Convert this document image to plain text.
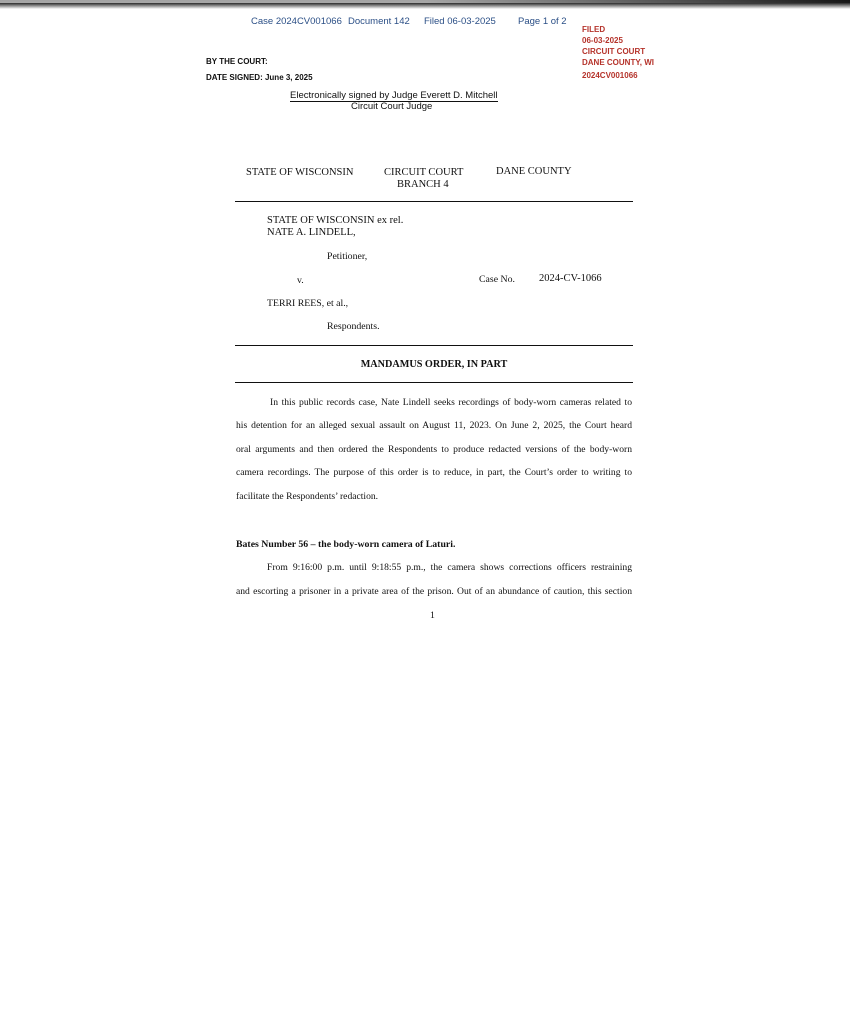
Case 2024CV001066 Document 142 Filed 06-03-2025 Page 1 of 2
FILED
06-03-2025
CIRCUIT COURT
DANE COUNTY, WI
2024CV001066
BY THE COURT:
DATE SIGNED: June 3, 2025
Electronically signed by Judge Everett D. Mitchell
Circuit Court Judge
STATE OF WISCONSIN	CIRCUIT COURT
BRANCH 4
DANE COUNTY
STATE OF WISCONSIN ex rel.
NATE A. LINDELL,
Petitioner,
v.	Case No. 2024-CV-1066
TERRI REES, et al.,
Respondents.
MANDAMUS ORDER, IN PART
In this public records case, Nate Lindell seeks recordings of body-worn cameras related to
his detention for an alleged sexual assault on August 11, 2023. On June 2, 2025, the Court heard
oral arguments and then ordered the Respondents to produce redacted versions of the body-worn
camera recordings. The purpose of this order is to reduce, in part, the Court’s order to writing to
facilitate the Respondents’ redaction.
Bates Number 56 – the body-worn camera of Laturi.
From 9:16:00 p.m. until 9:18:55 p.m., the camera shows corrections officers restraining
and escorting a prisoner in a private area of the prison. Out of an abundance of caution, this section
1
